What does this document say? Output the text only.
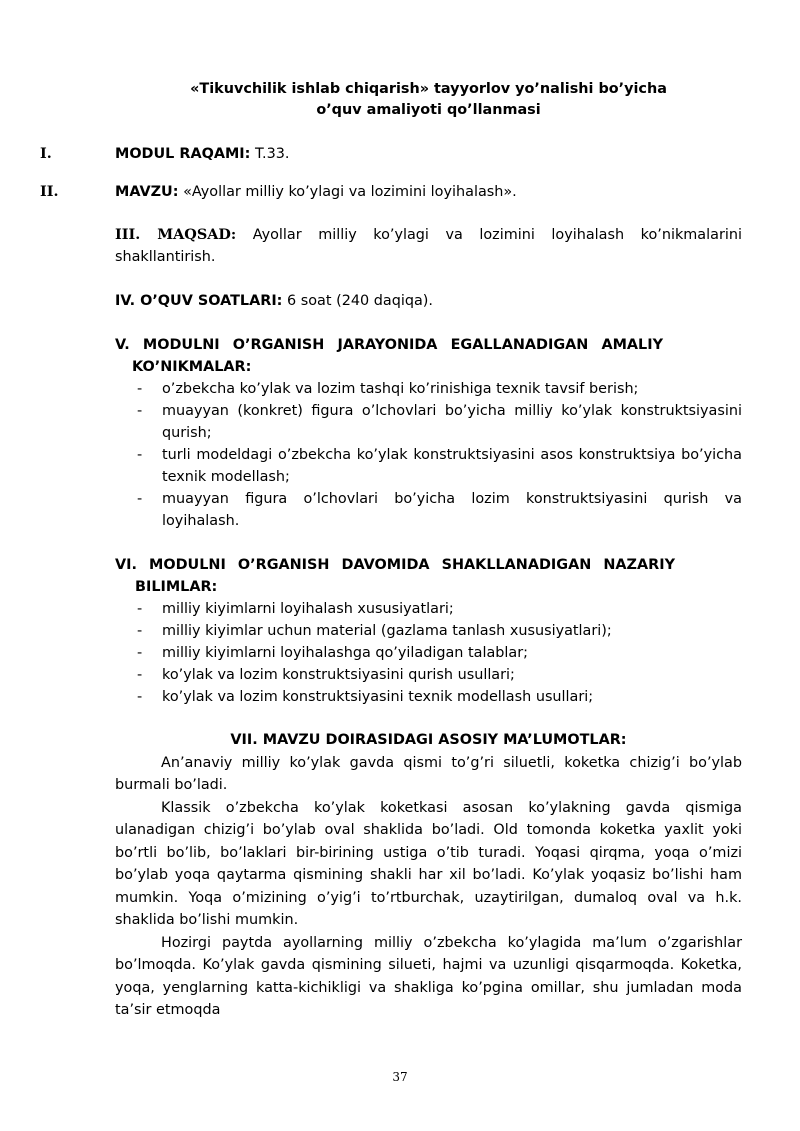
«Tikuvchilik ishlab chiqarish» tayyorlov yo’nalishi bo’yicha
o’quv amaliyoti qo’llanmasi
I.	MODUL RAQAMI: T.33.
II.	MAVZU: «Ayollar milliy ko’ylagi va lozimini loyihalash».
III. MAQSAD: Ayollar milliy ko’ylagi va lozimini loyihalash ko’nikmalarini shakllantirish.
IV. O’QUV SOATLARI: 6 soat (240 daqiqa).
V. MODULNI O’RGANISH JARAYONIDA EGALLANADIGAN AMALIY
KO’NIKMALAR:
- o’zbekcha ko’ylak va lozim tashqi ko’rinishiga texnik tavsif berish;
- muayyan (konkret) figura o’lchovlari bo’yicha milliy ko’ylak konstruktsiyasini qurish;
- turli modeldagi o’zbekcha ko’ylak konstruktsiyasini asos konstruktsiya bo’yicha texnik modellash;
- muayyan figura o’lchovlari bo’yicha lozim konstruktsiyasini qurish va loyihalash.
VI. MODULNI O’RGANISH DAVOMIDA SHAKLLANADIGAN NAZARIY
BILIMLAR:
- milliy kiyimlarni loyihalash xususiyatlari;
- milliy kiyimlar uchun material (gazlama tanlash xususiyatlari);
- milliy kiyimlarni loyihalashga qo’yiladigan talablar;
- ko’ylak va lozim konstruktsiyasini qurish usullari;
- ko’ylak va lozim konstruktsiyasini texnik modellash usullari;
VII. MAVZU DOIRASIDAGI ASOSIY MA’LUMOTLAR:
An’anaviy milliy ko’ylak gavda qismi to’g’ri siluetli, koketka chizig’i bo’ylab burmali bo’ladi.
Klassik o’zbekcha ko’ylak koketkasi asosan ko’ylakning gavda qismiga ulanadigan chizig’i bo’ylab oval shaklida bo’ladi. Old tomonda koketka yaxlit yoki bo’rtli bo’lib, bo’laklari bir-birining ustiga o’tib turadi. Yoqasi qirqma, yoqa o’mizi bo’ylab yoqa qaytarma qismining shakli har xil bo’ladi. Ko’ylak yoqasiz bo’lishi ham mumkin. Yoqa o’mizining o’yig’i to’rtburchak, uzaytirilgan, dumaloq oval va h.k. shaklida bo’lishi mumkin.
Hozirgi paytda ayollarning milliy o’zbekcha ko’ylagida ma’lum o’zgarishlar bo’lmoqda. Ko’ylak gavda qismining silueti, hajmi va uzunligi qisqarmoqda. Koketka, yoqa, yenglarning katta-kichikligi va shakliga ko’pgina omillar, shu jumladan moda ta’sir etmoqda
37
